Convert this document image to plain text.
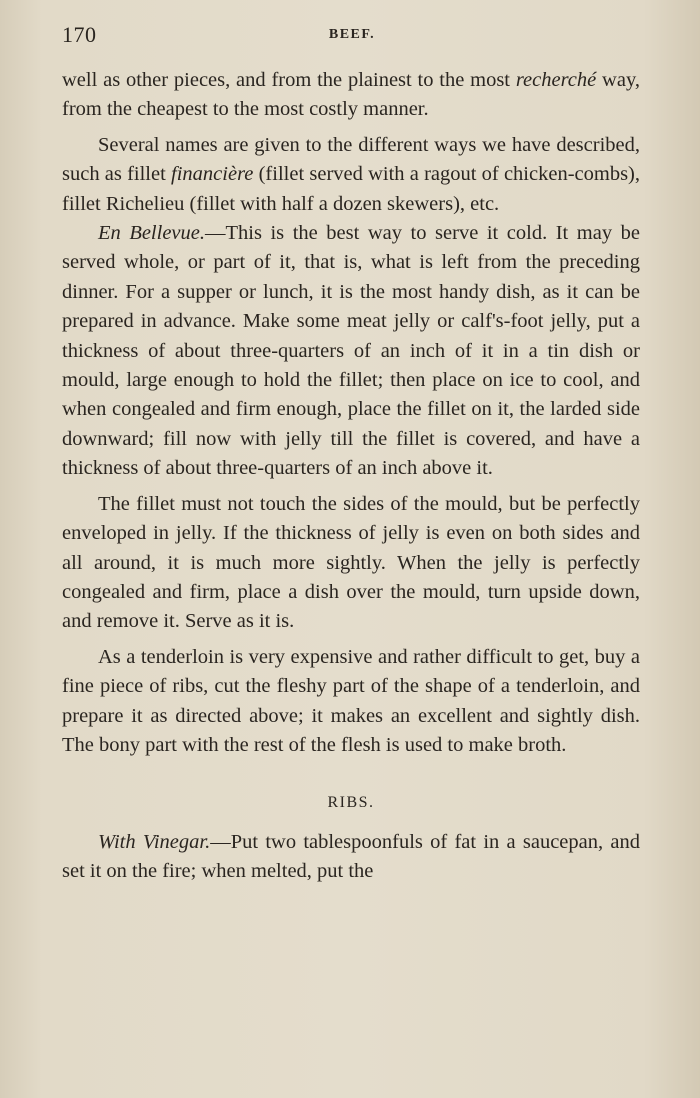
170	BEEF.

well as other pieces, and from the plainest to the most recherché way, from the cheapest to the most costly manner.

Several names are given to the different ways we have described, such as fillet financière (fillet served with a ragout of chicken-combs), fillet Richelieu (fillet with half a dozen skewers), etc.

En Bellevue.—This is the best way to serve it cold. It may be served whole, or part of it, that is, what is left from the preceding dinner. For a supper or lunch, it is the most handy dish, as it can be prepared in advance. Make some meat jelly or calf's-foot jelly, put a thickness of about three-quarters of an inch of it in a tin dish or mould, large enough to hold the fillet; then place on ice to cool, and when congealed and firm enough, place the fillet on it, the larded side downward; fill now with jelly till the fillet is covered, and have a thickness of about three-quarters of an inch above it.

The fillet must not touch the sides of the mould, but be perfectly enveloped in jelly. If the thickness of jelly is even on both sides and all around, it is much more sightly. When the jelly is perfectly congealed and firm, place a dish over the mould, turn upside down, and remove it. Serve as it is.

As a tenderloin is very expensive and rather difficult to get, buy a fine piece of ribs, cut the fleshy part of the shape of a tenderloin, and prepare it as directed above; it makes an excellent and sightly dish. The bony part with the rest of the flesh is used to make broth.

RIBS.

With Vinegar.—Put two tablespoonfuls of fat in a saucepan, and set it on the fire; when melted, put the
